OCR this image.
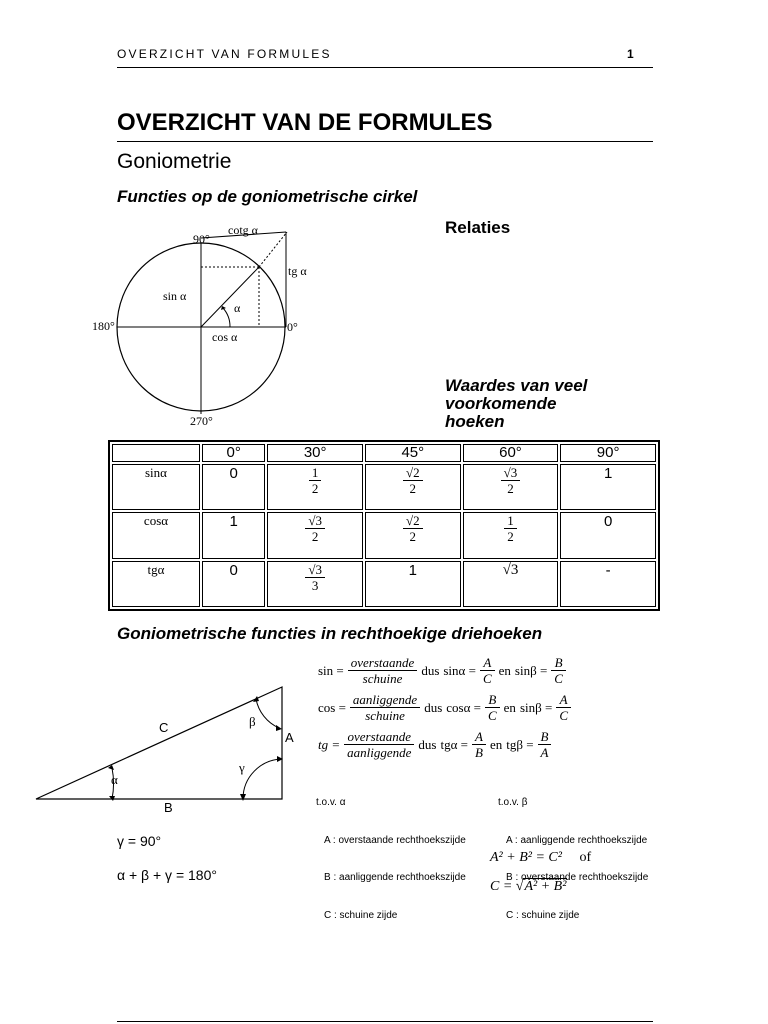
OVERZICHT VAN FORMULES	1
OVERZICHT VAN DE FORMULES
Goniometrie
Functies op de goniometrische cirkel
Relaties
Waardes van veel
voorkomende
hoeken
90°
180°	0°
270°
cotg α
tg α
sin α
cos α
α
	0°	30°	45°	60°	90°
sinα	0	$\frac{1}{2}$	$\frac{√2}{2}$	$\frac{√3}{2}$	1
cosα	1	$\frac{√3}{2}$	$\frac{√2}{2}$	$\frac{1}{2}$	0
tgα	0	$\frac{√3}{3}$	1	√3	-
Goniometrische functies in rechthoekige driehoeken
C
A
B
α
β
γ
$\sin = \frac{\text{overstaande}}{\text{schuine}}$ dus $\sin\alpha = \frac{A}{C}$ en $\sin\beta = \frac{B}{C}$
$\cos = \frac{\text{aanliggende}}{\text{schuine}}$ dus $\cos\alpha = \frac{B}{C}$ en $\sin\beta = \frac{A}{C}$
tg = $\frac{\text{overstaande}}{\text{aanliggende}}$ dus $tg\alpha = \frac{A}{B}$ en $tg\beta = \frac{B}{A}$

t.o.v. α

A : overstaande rechthoekszijde

B : aanliggende rechthoekszijde

C : schuine zijde

t.o.v. β

A : aanliggende rechthoekszijde

B : overstaande rechthoekszijde

C : schuine zijde

γ = 90°
α + β + γ = 180°
A² + B² = C² of
C = √A² + B²
